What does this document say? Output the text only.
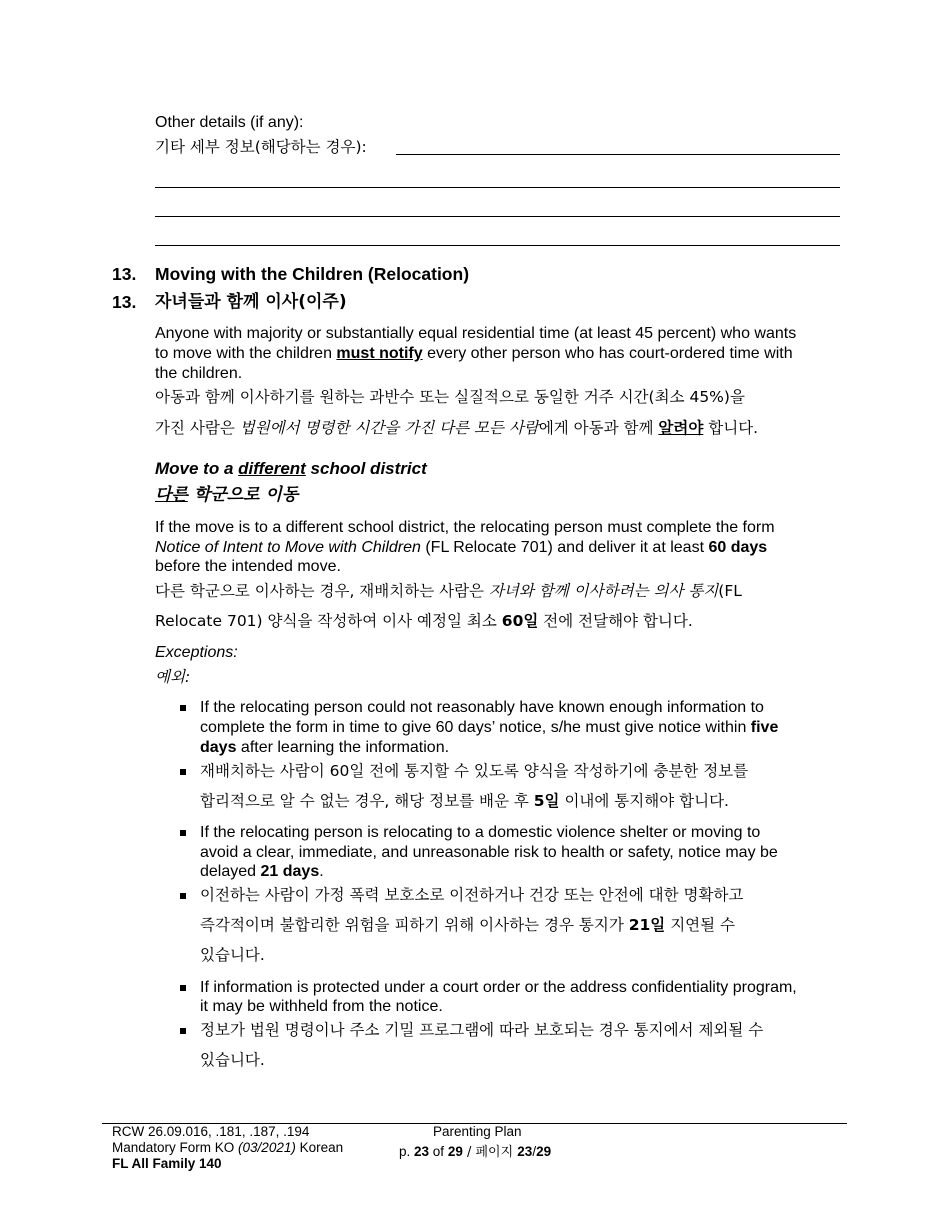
Other details (if any):
기타 세부 정보(해당하는 경우):
13. Moving with the Children (Relocation)
13. 자녀들과 함께 이사(이주)
Anyone with majority or substantially equal residential time (at least 45 percent) who wants
to move with the children must notify every other person who has court-ordered time with
the children.
아동과 함께 이사하기를 원하는 과반수 또는 실질적으로 동일한 거주 시간(최소 45%)을
가진 사람은 법원에서 명령한 시간을 가진 다른 모든 사람에게 아동과 함께 알려야 합니다.
Move to a different school district
다른 학군으로 이동
If the move is to a different school district, the relocating person must complete the form
Notice of Intent to Move with Children (FL Relocate 701) and deliver it at least 60 days
before the intended move.
다른 학군으로 이사하는 경우, 재배치하는 사람은 자녀와 함께 이사하려는 의사 통지(FL
Relocate 701) 양식을 작성하여 이사 예정일 최소 60일 전에 전달해야 합니다.
Exceptions:
예외:
If the relocating person could not reasonably have known enough information to
complete the form in time to give 60 days’ notice, s/he must give notice within five
days after learning the information.
재배치하는 사람이 60일 전에 통지할 수 있도록 양식을 작성하기에 충분한 정보를
합리적으로 알 수 없는 경우, 해당 정보를 배운 후 5일 이내에 통지해야 합니다.
If the relocating person is relocating to a domestic violence shelter or moving to
avoid a clear, immediate, and unreasonable risk to health or safety, notice may be
delayed 21 days.
이전하는 사람이 가정 폭력 보호소로 이전하거나 건강 또는 안전에 대한 명확하고
즉각적이며 불합리한 위험을 피하기 위해 이사하는 경우 통지가 21일 지연될 수
있습니다.
If information is protected under a court order or the address confidentiality program,
it may be withheld from the notice.
정보가 법원 명령이나 주소 기밀 프로그램에 따라 보호되는 경우 통지에서 제외될 수
있습니다.
RCW 26.09.016, .181, .187, .194
Mandatory Form KO (03/2021) Korean
FL All Family 140
Parenting Plan
p. 23 of 29 / 페이지 23/29
